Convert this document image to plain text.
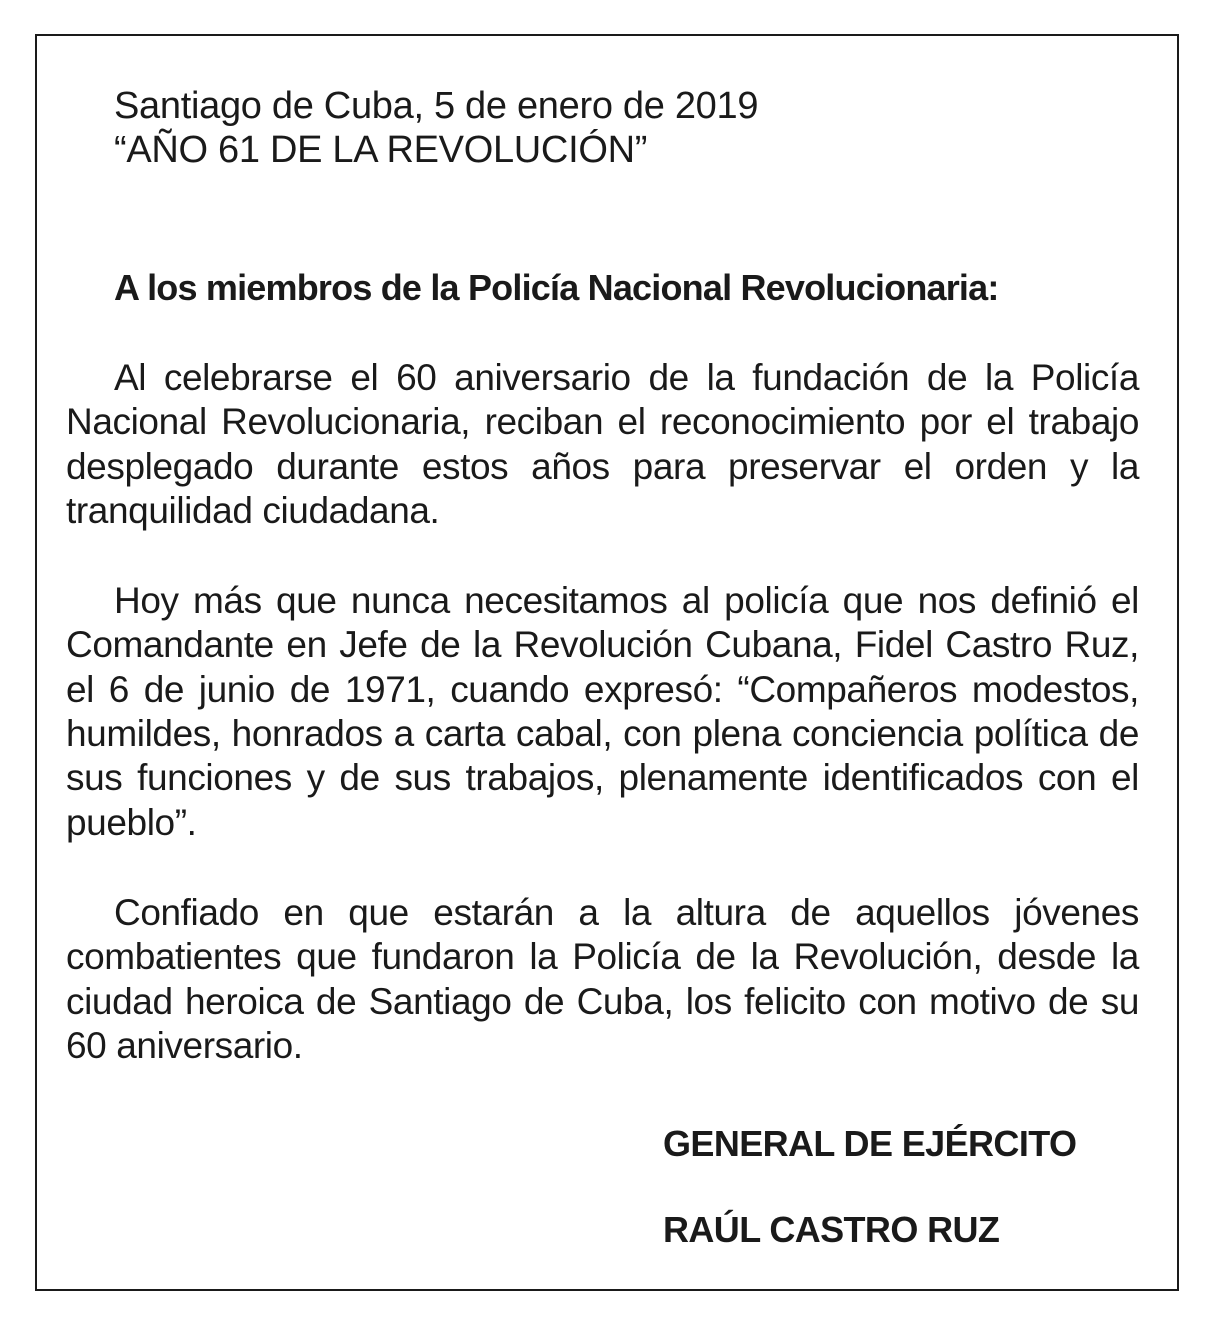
Santiago de Cuba, 5 de enero de 2019
“AÑO 61 DE LA REVOLUCIÓN”
A los miembros de la Policía Nacional Revolucionaria:

Al celebrarse el 60 aniversario de la fundación de la Policía Nacional Revolucionaria, reciban el reconocimiento por el trabajo desplegado durante estos años para preservar el orden y la tranquilidad ciudadana.

Hoy más que nunca necesitamos al policía que nos definió el Comandante en Jefe de la Revolución Cubana, Fidel Castro Ruz, el 6 de junio de 1971, cuando expresó: “Compañeros modestos, humildes, honrados a carta cabal, con plena conciencia política de sus funciones y de sus trabajos, plenamente identificados con el pueblo”.

Confiado en que estarán a la altura de aquellos jóvenes combatientes que fundaron la Policía de la Revolución, desde la ciudad heroica de Santiago de Cuba, los felicito con motivo de su 60 aniversario.

GENERAL DE EJÉRCITO
RAÚL CASTRO RUZ
